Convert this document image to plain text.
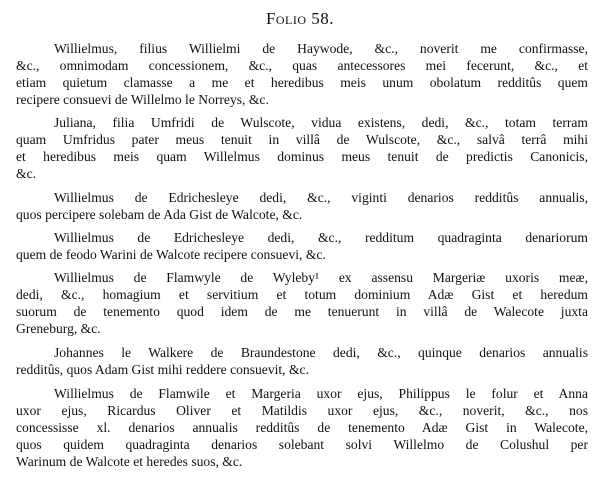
Folio 58.
Willielmus, filius Willielmi de Haywode, &c., noverit me confirmasse,
&c., omnimodam concessionem, &c., quas antecessores mei fecerunt, &c., et
etiam quietum clamasse a me et heredibus meis unum obolatum redditûs quem
recipere consuevi de Willelmo le Norreys, &c.
Juliana, filia Umfridi de Wulscote, vidua existens, dedi, &c., totam terram
quam Umfridus pater meus tenuit in villâ de Wulscote, &c., salvâ terrâ mihi
et heredibus meis quam Willelmus dominus meus tenuit de predictis Canonicis,
&c.
Willielmus de Edrichesleye dedi, &c., viginti denarios redditûs annualis,
quos percipere solebam de Ada Gist de Walcote, &c.
Willielmus de Edrichesleye dedi, &c., redditum quadraginta denariorum
quem de feodo Warini de Walcote recipere consuevi, &c.
Willielmus de Flamwyle de Wyleby¹ ex assensu Margeriæ uxoris meæ,
dedi, &c., homagium et servitium et totum dominium Adæ Gist et heredum
suorum de tenemento quod idem de me tenuerunt in villâ de Walecote juxta
Greneburg, &c.
Johannes le Walkere de Braundestone dedi, &c., quinque denarios annualis
redditûs, quos Adam Gist mihi reddere consuevit, &c.
Willielmus de Flamwile et Margeria uxor ejus, Philippus le folur et Anna
uxor ejus, Ricardus Oliver et Matildis uxor ejus, &c., noverit, &c., nos
concessisse xl. denarios annualis redditûs de tenemento Adæ Gist in Walecote,
quos quidem quadraginta denarios solebant solvi Willelmo de Colushul per
Warinum de Walcote et heredes suos, &c.
